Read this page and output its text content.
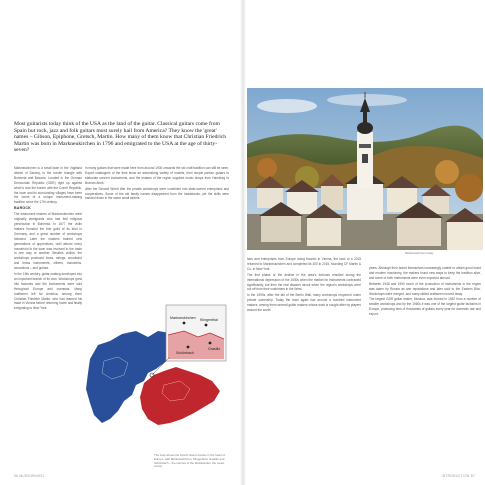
Most guitarists today think of the USA as the land of the guitar. Classical guitars come from Spain but rock, jazz and folk guitars most surely hail from America? They know the 'great' names – Gibson, Epiphone, Gretsch, Martin. How many of them know that Christian Friedrich Martin was born in Markneukirchen in 1796 and emigrated to the USA at the age of thirty-seven?

Markneukirchen is a small town in the Vogtland district of Saxony, in the border triangle with Bohemia and Bavaria. Located in the German Democratic Republic (GDR) right up against what is now the border with the Czech Republic, the town and its surrounding villages have been the home of a unique instrument-making tradition since the 17th century.

BAROCK

The instrument makers of Markneukirchen were originally immigrants who had fled religious persecution in Bohemia. In 1677 the violin makers founded the first guild of its kind in Germany, and a great number of workshops followed. Later the masters trained new generations of apprentices, until almost every household in the town was involved in the trade in one way or another. Besides violins, the workshops produced bows, strings, woodwind and brass instruments, zithers, mandolins, accordions – and guitars.

In the 19th century, guitar making developed into an important branch of its own. Workshops grew into factories and the instruments were sold throughout Europe and overseas. Many craftsmen left for America, among them Christian Friedrich Martin, who had learned his trade in Vienna before returning home and finally emigrating to New York.

In many guitars that were made here from around 1900 onwards the old craft tradition can still be seen. Export catalogues of the time show an astonishing variety of models, from simple parlour guitars to elaborate concert instruments, and the makers of the region supplied music shops from Hamburg to Buenos Aires.

After the Second World War the private workshops were combined into state-owned enterprises and cooperatives. Some of the old family names disappeared from the headstocks, yet the skills were handed down in the same small streets.

Markneukirchen Klingenthal
Graslitz
Schönbach

The map shows the Czech-Saxon border in the heart of Europe, with Markneukirchen, Klingenthal, Graslitz and Schönbach – the centres of the Musikwinkel, the music corner.

56 MUSIKWINKEL

Markneukirchen today

fairs and enterprises from Europe doing flourish in Vienna, the land of a 2015 returned to Markneukirchen and completed its 300 in 2015, founding CF Martin & Co. in New York.

The first phase of the decline in the area's fortunes resulted during the international depression of the 1930s when the market for instruments contracted significantly, but then the real disaster struck when the region's workshops were cut off from their customers in the West.

In the 1990s, after the fall of the Berlin Wall, many workshops reopened under private ownership. Today the town again has around a hundred instrument makers, among them several guitar makers whose work is sought after by players around the world.

years. Although their brand themselves increasingly unable to obtain good wood and modern machinery, the makers found new ways to keep the tradition alive, and some of their instruments were even exported abroad.

Between 1948 and 1990 much of the production of instruments in the region was taken by Russia as war reparations and later sold to the Eastern Bloc. Workshops were merged, and many skilled craftsmen moved away.

The largest GDR guitar maker, Musima, was formed in 1952 from a number of smaller workshops and by the 1960s it was one of the largest guitar factories in Europe, producing tens of thousands of guitars every year for domestic use and export.

INTRODUCTION 57
